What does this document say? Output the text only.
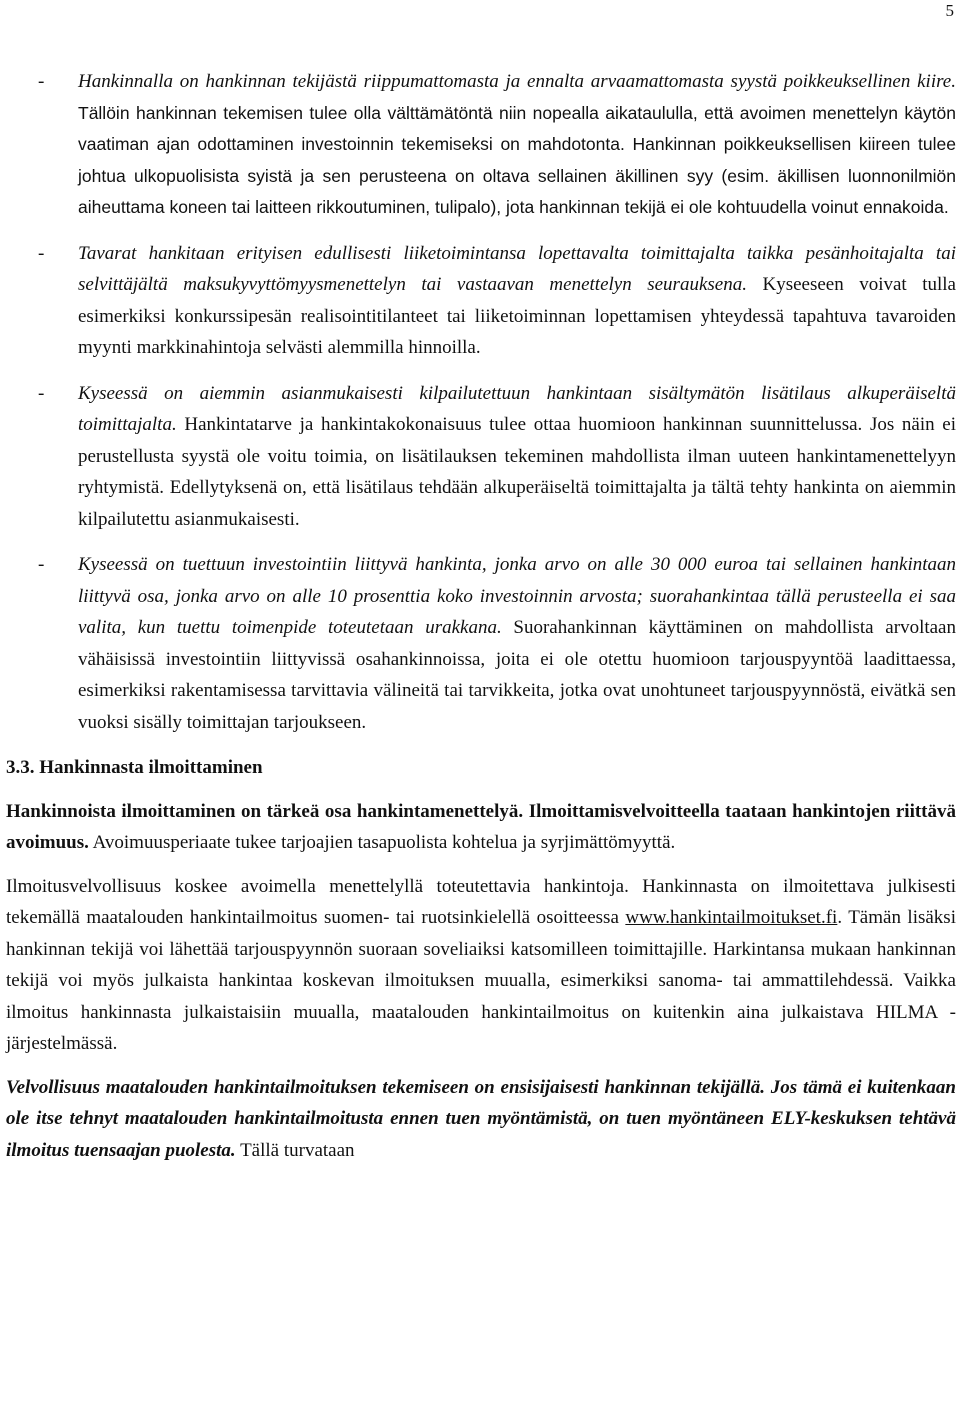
5
-	Hankinnalla on hankinnan tekijästä riippumattomasta ja ennalta arvaamattomasta syystä poikkeuksellinen kiire. Tällöin hankinnan tekemisen tulee olla välttämätöntä niin nopealla aikataululla, että avoimen menettelyn käytön vaatiman ajan odottaminen investoinnin tekemiseksi on mahdotonta. Hankinnan poikkeuksellisen kiireen tulee johtua ulkopuolisista syistä ja sen perusteena on oltava sellainen äkillinen syy (esim. äkillisen luonnonilmiön aiheuttama koneen tai laitteen rikkoutuminen, tulipalo), jota hankinnan tekijä ei ole kohtuudella voinut ennakoida.
-	Tavarat hankitaan erityisen edullisesti liiketoimintansa lopettavalta toimittajalta taikka pesänhoitajalta tai selvittäjältä maksukyvyttömyysmenettelyn tai vastaavan menettelyn seurauksena. Kyseeseen voivat tulla esimerkiksi konkurssipesän realisointitilanteet tai liiketoiminnan lopettamisen yhteydessä tapahtuva tavaroiden myynti markkinahintoja selvästi alemmilla hinnoilla.
-	Kyseessä on aiemmin asianmukaisesti kilpailutettuun hankintaan sisältymätön lisätilaus alkuperäiseltä toimittajalta. Hankintatarve ja hankintakokonaisuus tulee ottaa huomioon hankinnan suunnittelussa. Jos näin ei perustellusta syystä ole voitu toimia, on lisätilauksen tekeminen mahdollista ilman uuteen hankintamenettelyyn ryhtymistä. Edellytyksenä on, että lisätilaus tehdään alkuperäiseltä toimittajalta ja tältä tehty hankinta on aiemmin kilpailutettu asianmukaisesti.
-	Kyseessä on tuettuun investointiin liittyvä hankinta, jonka arvo on alle 30 000 euroa tai sellainen hankintaan liittyvä osa, jonka arvo on alle 10 prosenttia koko investoinnin arvosta; suorahankintaa tällä perusteella ei saa valita, kun tuettu toimenpide toteutetaan urakkana. Suorahankinnan käyttäminen on mahdollista arvoltaan vähäisissä investointiin liittyvissä osahankinnoissa, joita ei ole otettu huomioon tarjouspyyntöä laadittaessa, esimerkiksi rakentamisessa tarvittavia välineitä tai tarvikkeita, jotka ovat unohtuneet tarjouspyynnöstä, eivätkä sen vuoksi sisälly toimittajan tarjoukseen.
3.3. Hankinnasta ilmoittaminen
Hankinnoista ilmoittaminen on tärkeä osa hankintamenettelyä. Ilmoittamisvelvoitteella taataan hankintojen riittävä avoimuus. Avoimuusperiaate tukee tarjoajien tasapuolista kohtelua ja syrjimättömyyttä.
Ilmoitusvelvollisuus koskee avoimella menettelyllä toteutettavia hankintoja. Hankinnasta on ilmoitettava julkisesti tekemällä maatalouden hankintailmoitus suomen- tai ruotsinkielellä osoitteessa www.hankintailmoitukset.fi. Tämän lisäksi hankinnan tekijä voi lähettää tarjouspyynnön suoraan soveliaiksi katsomilleen toimittajille. Harkintansa mukaan hankinnan tekijä voi myös julkaista hankintaa koskevan ilmoituksen muualla, esimerkiksi sanoma- tai ammattilehdessä. Vaikka ilmoitus hankinnasta julkaistaisiin muualla, maatalouden hankintailmoitus on kuitenkin aina julkaistava HILMA -järjestelmässä.
Velvollisuus maatalouden hankintailmoituksen tekemiseen on ensisijaisesti hankinnan tekijällä. Jos tämä ei kuitenkaan ole itse tehnyt maatalouden hankintailmoitusta ennen tuen myöntämistä, on tuen myöntäneen ELY-keskuksen tehtävä ilmoitus tuensaajan puolesta. Tällä turvataan
